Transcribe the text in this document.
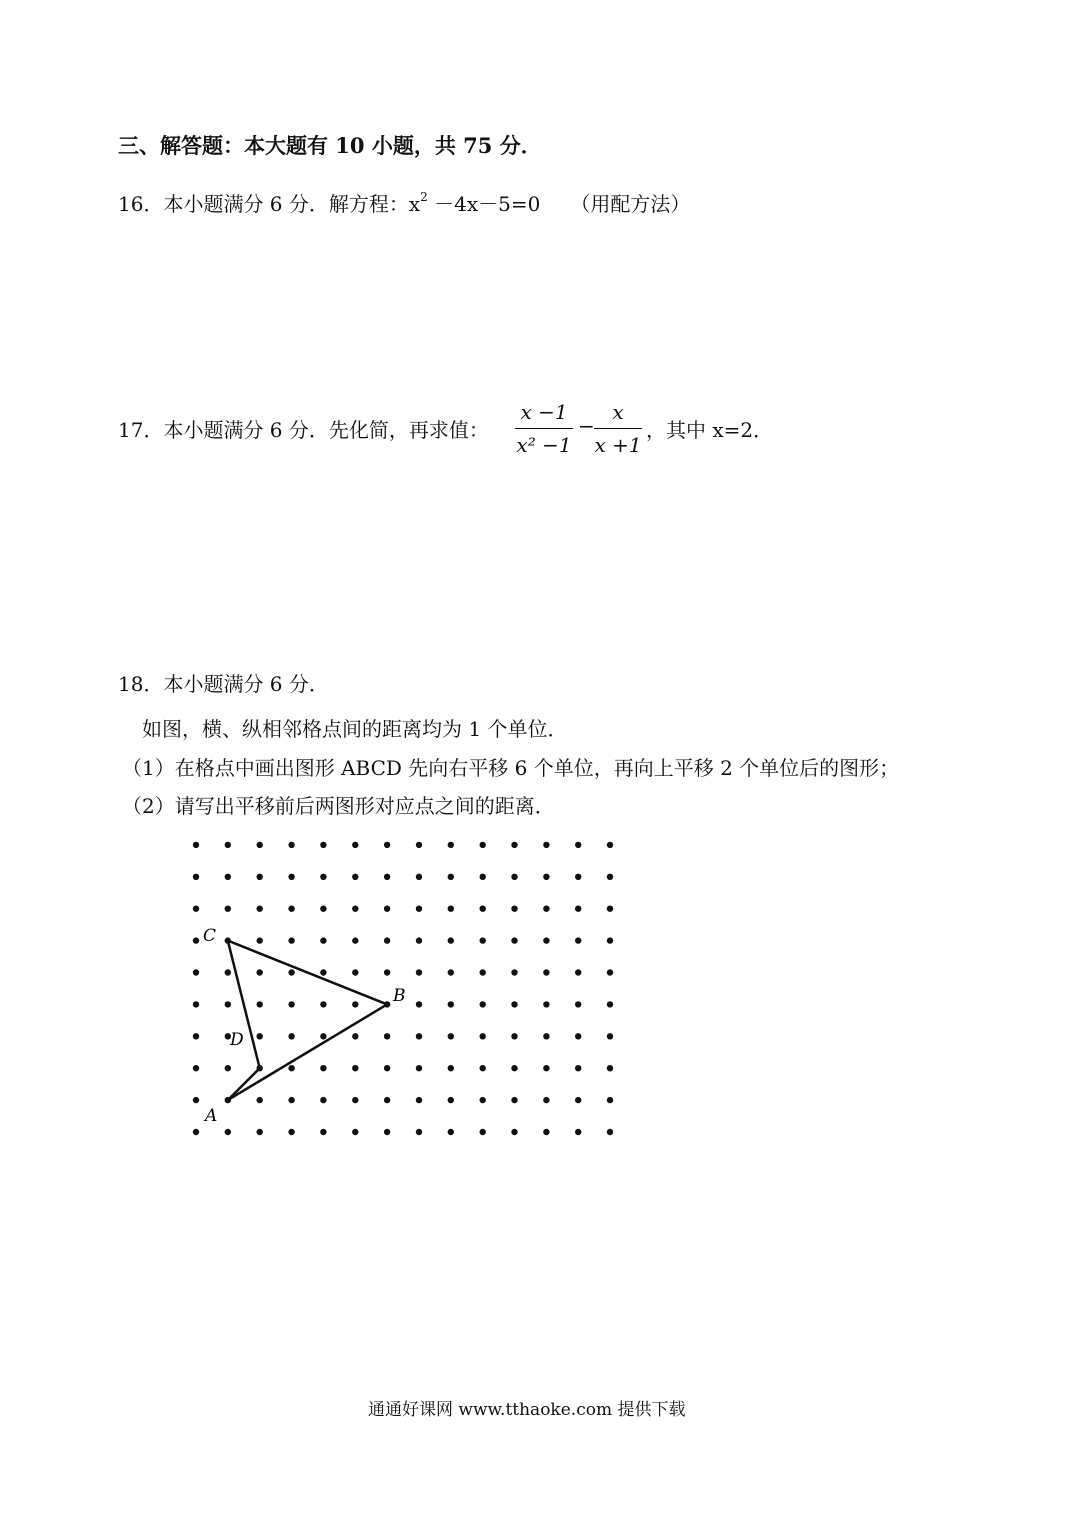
三、解答题：本大题有 10 小题，共 75 分．
16．本小题满分 6 分．解方程：$x^2 -4x-5=0$ （用配方法）
17．本小题满分 6 分．先化简，再求值：
x −1
x² −1
−
x
x +1
，其中 x=2．
18．本小题满分 6 分．
如图，横、纵相邻格点间的距离均为 1 个单位．
（1）在格点中画出图形 ABCD 先向右平移 6 个单位，再向上平移 2 个单位后的图形；
（2）请写出平移前后两图形对应点之间的距离．
C
B
D
A
通通好课网 www.tthaoke.com 提供下载
